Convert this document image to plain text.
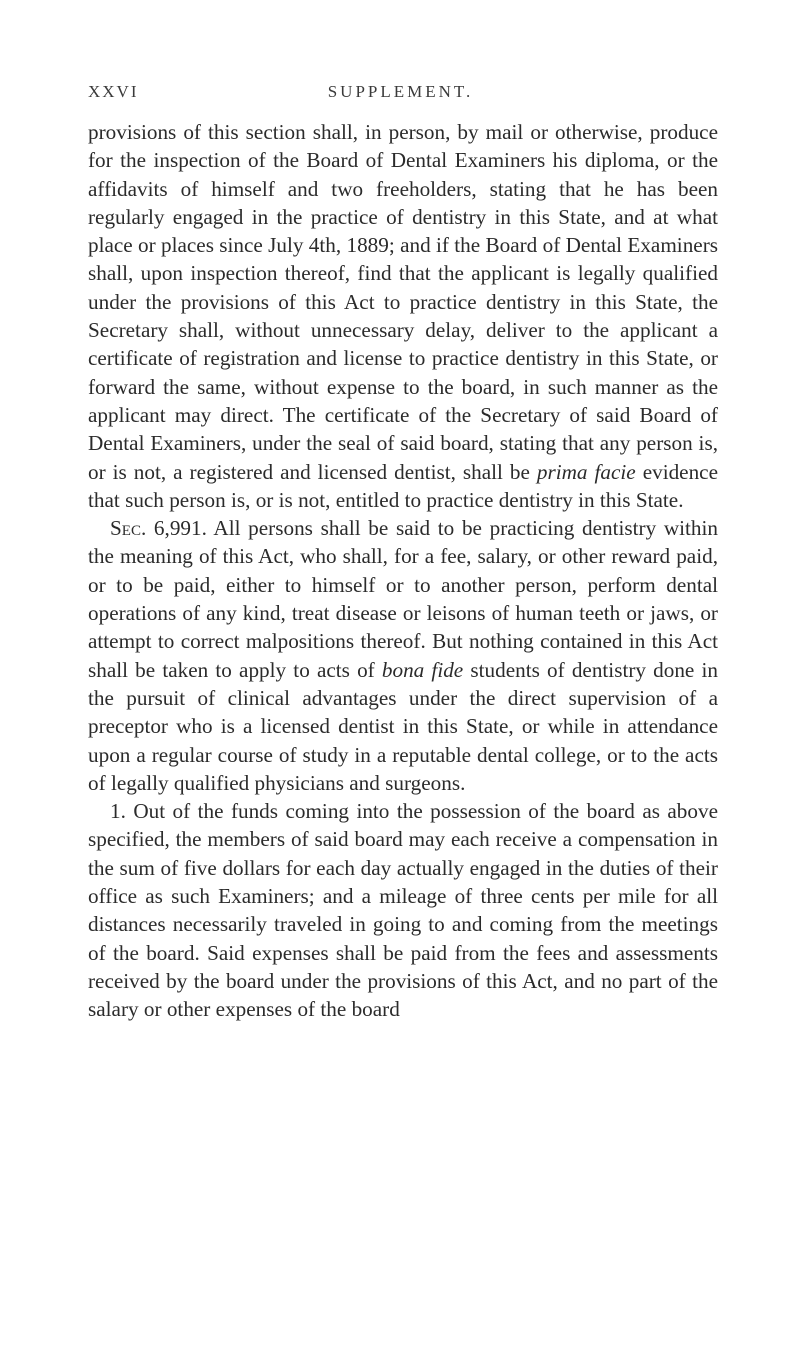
XXVI	SUPPLEMENT.

provisions of this section shall, in person, by mail or otherwise, produce for the inspection of the Board of Dental Examiners his diploma, or the affidavits of himself and two freeholders, stating that he has been regularly engaged in the practice of dentistry in this State, and at what place or places since July 4th, 1889; and if the Board of Dental Examiners shall, upon inspection thereof, find that the applicant is legally qualified under the provisions of this Act to practice dentistry in this State, the Secretary shall, without unnecessary delay, deliver to the applicant a certificate of registration and license to practice dentistry in this State, or forward the same, without expense to the board, in such manner as the applicant may direct. The certificate of the Secretary of said Board of Dental Examiners, under the seal of said board, stating that any person is, or is not, a registered and licensed dentist, shall be prima facie evidence that such person is, or is not, entitled to practice dentistry in this State.

Sec. 6,991. All persons shall be said to be practicing dentistry within the meaning of this Act, who shall, for a fee, salary, or other reward paid, or to be paid, either to himself or to another person, perform dental operations of any kind, treat disease or leisons of human teeth or jaws, or attempt to correct malpositions thereof. But nothing contained in this Act shall be taken to apply to acts of bona fide students of dentistry done in the pursuit of clinical advantages under the direct supervision of a preceptor who is a licensed dentist in this State, or while in attendance upon a regular course of study in a reputable dental college, or to the acts of legally qualified physicians and surgeons.

1. Out of the funds coming into the possession of the board as above specified, the members of said board may each receive a compensation in the sum of five dollars for each day actually engaged in the duties of their office as such Examiners; and a mileage of three cents per mile for all distances necessarily traveled in going to and coming from the meetings of the board. Said expenses shall be paid from the fees and assessments received by the board under the provisions of this Act, and no part of the salary or other expenses of the board
